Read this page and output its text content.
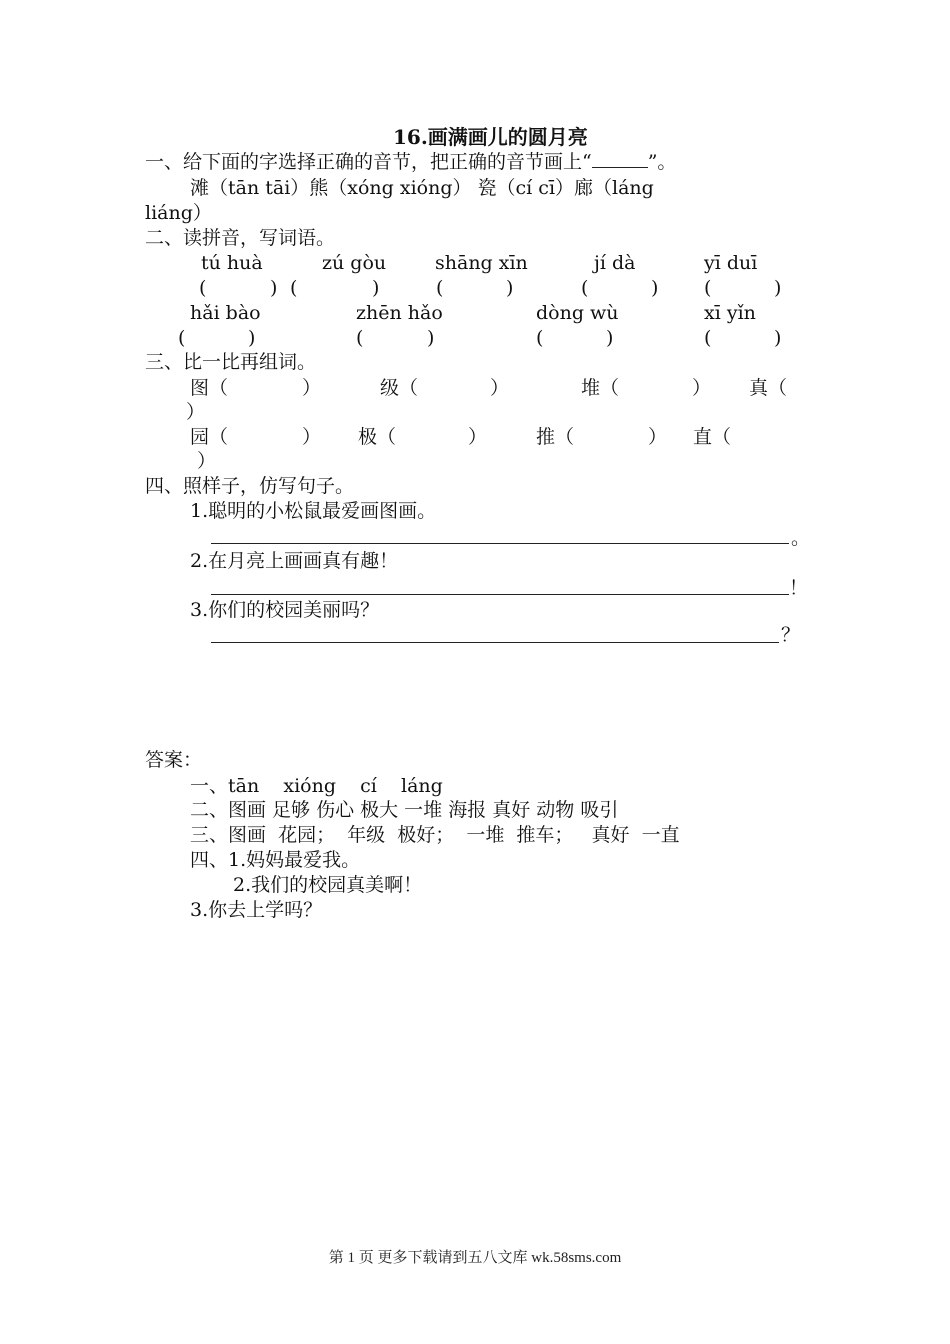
16.画满画儿的圆月亮
一、给下面的字选择正确的音节，把正确的音节画上“	”。
滩（tān tāi）熊（xóng xióng） 瓷（cí cī）廊（láng
liáng）
二、读拼音，写词语。
tú huà	zú gòu	shāng xīn	jí dà	yī duī
(	) (	)	(	)	(	) (	)
hǎi bào	zhēn hǎo	dòng wù	xī yǐn
(	)	(	)	(	)	(	)
三、比一比再组词。
图（	）	级（	）	堆（	） 真（
）
园（	） 极（	）	推（	） 直（
）
四、照样子，仿写句子。
1.聪明的小松鼠最爱画图画。
。
2.在月亮上画画真有趣！
！
3.你们的校园美丽吗？
？
答案：
一、tān    xióng    cí    láng
二、图画 足够 伤心 极大 一堆 海报 真好 动物 吸引
三、图画  花园；  年级  极好；  一堆  推车；   真好  一直
四、1.妈妈最爱我。
2.我们的校园真美啊！
3.你去上学吗？
第 1 页 更多下载请到五八文库 wk.58sms.com
